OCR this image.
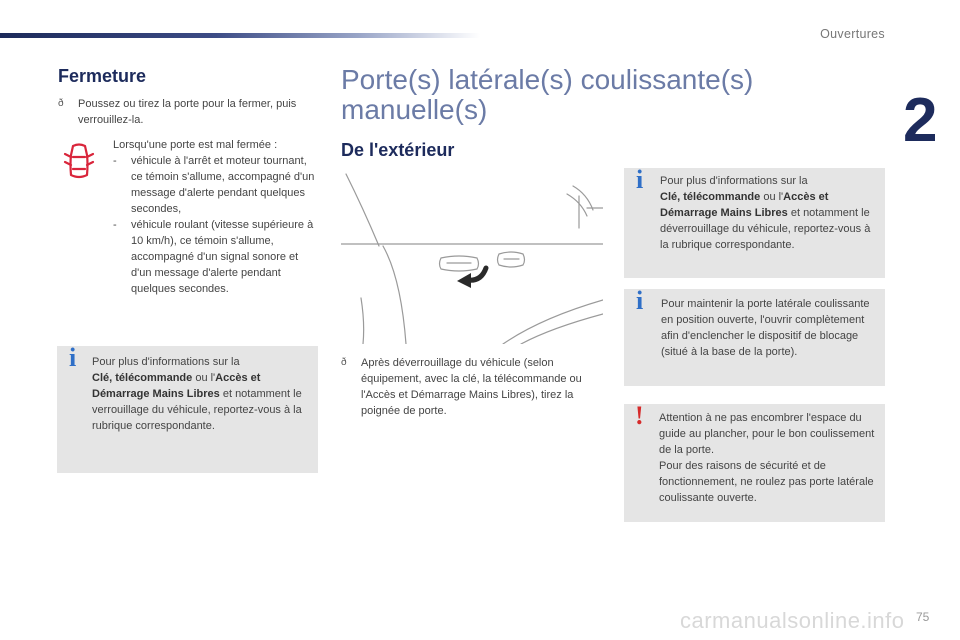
Ouvertures
2
Fermeture
ð Poussez ou tirez la porte pour la fermer, puis verrouillez-la.
Lorsqu'une porte est mal fermée :
- véhicule à l'arrêt et moteur tournant, ce témoin s'allume, accompagné d'un message d'alerte pendant quelques secondes,
- véhicule roulant (vitesse supérieure à 10 km/h), ce témoin s'allume, accompagné d'un signal sonore et d'un message d'alerte pendant quelques secondes.
i Pour plus d'informations sur la
Clé, télécommande ou l'Accès et Démarrage Mains Libres et notamment le verrouillage du véhicule, reportez-vous à la rubrique correspondante.
Porte(s) latérale(s) coulissante(s) manuelle(s)
De l'extérieur
ð Après déverrouillage du véhicule (selon équipement, avec la clé, la télécommande ou l'Accès et Démarrage Mains Libres), tirez la poignée de porte.
i Pour plus d'informations sur la
Clé, télécommande ou l'Accès et Démarrage Mains Libres et notamment le déverrouillage du véhicule, reportez-vous à la rubrique correspondante.
i Pour maintenir la porte latérale coulissante en position ouverte, l'ouvrir complètement afin d'enclencher le dispositif de blocage (situé à la base de la porte).
! Attention à ne pas encombrer l'espace du guide au plancher, pour le bon coulissement de la porte.
Pour des raisons de sécurité et de fonctionnement, ne roulez pas porte latérale coulissante ouverte.
carmanualsonline.info 75
